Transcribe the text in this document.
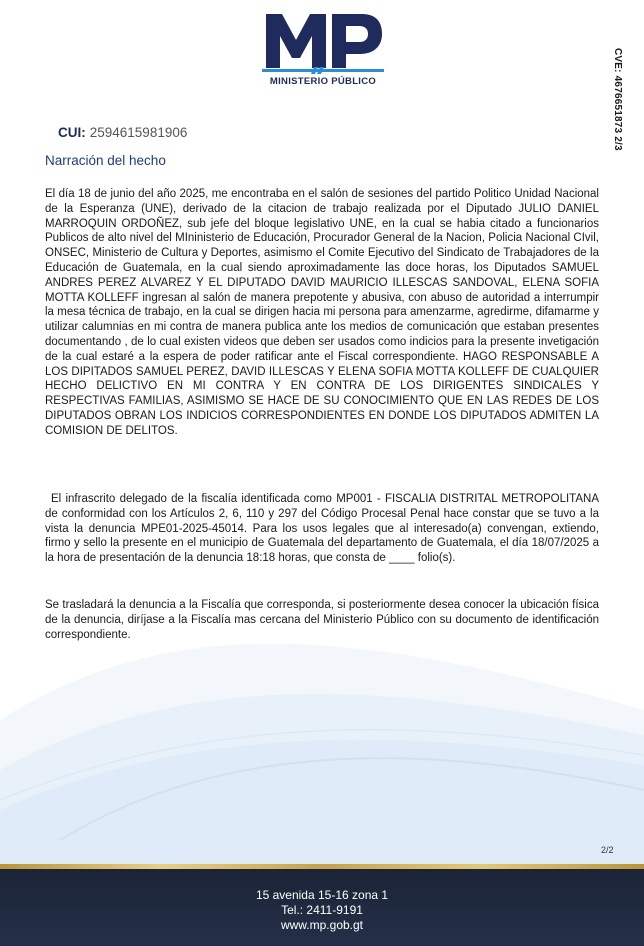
MINISTERIO PÚBLICO	CVE: 4676651873 2/3
CUI: 2594615981906
Narración del hecho

El día 18 de junio del año 2025, me encontraba en el salón de sesiones del partido Politico Unidad Nacional de la Esperanza (UNE), derivado de la citacion de trabajo realizada por el Diputado JULIO DANIEL MARROQUIN ORDOÑEZ, sub jefe del bloque legislativo UNE, en la cual se habia citado a funcionarios Publicos de alto nivel del MIninisterio de Educación, Procurador General de la Nacion, Policia Nacional CIvil, ONSEC, Ministerio de Cultura y Deportes, asimismo el Comite Ejecutivo del Sindicato de Trabajadores de la Educación de Guatemala, en la cual siendo aproximadamente las doce horas, los Diputados SAMUEL ANDRES PEREZ ALVAREZ Y EL DIPUTADO DAVID MAURICIO ILLESCAS SANDOVAL, ELENA SOFIA MOTTA KOLLEFF ingresan al salón de manera prepotente y abusiva, con abuso de autoridad a interrumpir la mesa técnica de trabajo, en la cual se dirigen hacia mi persona para amenzarme, agredirme, difamarme y utilizar calumnias en mi contra de manera publica ante los medios de comunicación que estaban presentes documentando , de lo cual existen videos que deben ser usados como indicios para la presente invetigación de la cual estaré a la espera de poder ratificar ante el Fiscal correspondiente. HAGO RESPONSABLE A LOS DIPITADOS SAMUEL PEREZ, DAVID ILLESCAS Y ELENA SOFIA MOTTA KOLLEFF DE CUALQUIER HECHO DELICTIVO EN MI CONTRA Y EN CONTRA DE LOS DIRIGENTES SINDICALES Y RESPECTIVAS FAMILIAS, ASIMISMO SE HACE DE SU CONOCIMIENTO QUE EN LAS REDES DE LOS DIPUTADOS OBRAN LOS INDICIOS CORRESPONDIENTES EN DONDE LOS DIPUTADOS ADMITEN LA COMISION DE DELITOS.

El infrascrito delegado de la fiscalía identificada como MP001 - FISCALIA DISTRITAL METROPOLITANA de conformidad con los Artículos 2, 6, 110 y 297 del Código Procesal Penal hace constar que se tuvo a la vista la denuncia MPE01-2025-45014. Para los usos legales que al interesado(a) convengan, extiendo, firmo y sello la presente en el municipio de Guatemala del departamento de Guatemala, el día 18/07/2025 a la hora de presentación de la denuncia 18:18 horas, que consta de ____ folio(s).

Se trasladará la denuncia a la Fiscalía que corresponda, si posteriormente desea conocer la ubicación física de la denuncia, diríjase a la Fiscalía mas cercana del Ministerio Público con su documento de identificación correspondiente.

2/2
15 avenida 15-16 zona 1
Tel.: 2411-9191
www.mp.gob.gt
